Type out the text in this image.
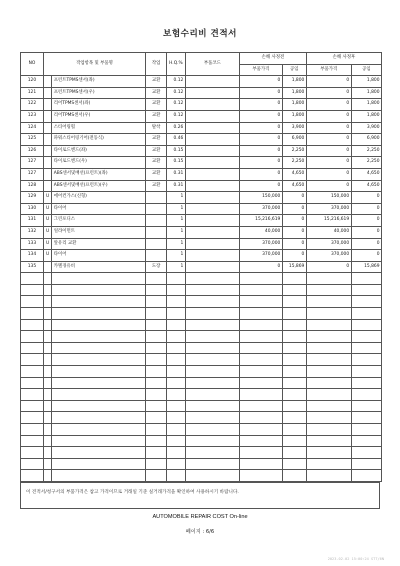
보험수리비 견적서
NO	작업항목 및 부품명		작업	H.Q.%	부품코드	손해 사정전		손해 사정후	
						부품가격	공임	부품가격	공임
120		프런트TPMS센서(좌)	교환	0.12		0	1,800	0	1,800
121		프런트TPMS센서(우)	교환	0.12		0	1,800	0	1,800
122		리어TPMS센서(좌)	교환	0.12		0	1,800	0	1,800
123		리어TPMS센서(우)	교환	0.12		0	1,800	0	1,800
124		스티어링휠	탈착	0.26		0	3,900	0	3,900
125		파워스티어링기어(전동식)	교환	0.46		0	6,900	0	6,900
126		타이로드엔드(좌)	교환	0.15		0	2,250	0	2,250
127		타이로드엔드(우)	교환	0.15		0	2,250	0	2,250
127		ABS센서및배선(프런트)(좌)	교환	0.31		0	4,650	0	4,650
128		ABS센서및배선(프런트)(우)	교환	0.31		0	4,650	0	4,650
129	U	에어컨가스(신형)		1		150,000	0	150,000	0
130	U	타이어		1		370,000	0	370,000	0
131	U	그린포디스		1		15,216,619	0	15,216,619	0
132	U	얼라이먼트		1		40,000	0	40,000	0
133	U	앞유리 교환		1		370,000	0	370,000	0
134	U	타이어		1		370,000	0	370,000	0
135		카멜경유비	도장	1		0	15,869	0	15,869

이 견적서/청구서의 부품가격은 참고 가격이므로 거래일 기준 실거래가격을 확인하여 사용하시기 바랍니다.
AUTOMOBILE REPAIR COST On-line
페이지 : 6/6
2023-02-02 15:00:24 STT/6N
